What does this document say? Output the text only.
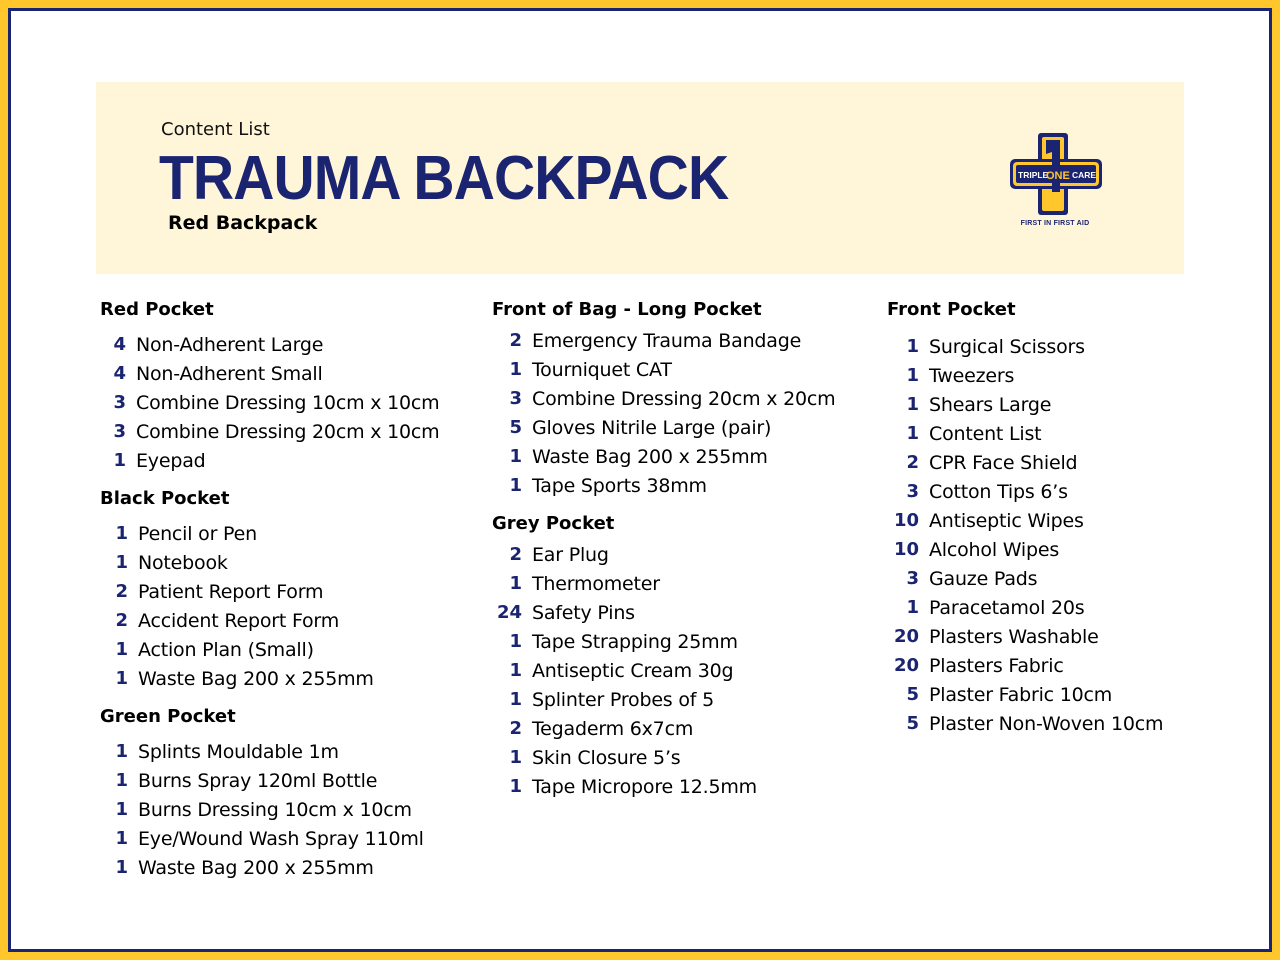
Content List
TRAUMA BACKPACK
Red Backpack
TRIPLE
ONE CARE
FIRST IN FIRST AID
Red Pocket
4 Non-Adherent Large
4 Non-Adherent Small
3 Combine Dressing 10cm x 10cm
3 Combine Dressing 20cm x 10cm
1 Eyepad
Black Pocket
1 Pencil or Pen
1 Notebook
2 Patient Report Form
2 Accident Report Form
1 Action Plan (Small)
1 Waste Bag 200 x 255mm
Green Pocket
1 Splints Mouldable 1m
1 Burns Spray 120ml Bottle
1 Burns Dressing 10cm x 10cm
1 Eye/Wound Wash Spray 110ml
1 Waste Bag 200 x 255mm
Front of Bag - Long Pocket
2 Emergency Trauma Bandage
1 Tourniquet CAT
3 Combine Dressing 20cm x 20cm
5 Gloves Nitrile Large (pair)
1 Waste Bag 200 x 255mm
1 Tape Sports 38mm
Grey Pocket
2 Ear Plug
1 Thermometer
24 Safety Pins
1 Tape Strapping 25mm
1 Antiseptic Cream 30g
1 Splinter Probes of 5
2 Tegaderm 6x7cm
1 Skin Closure 5’s
1 Tape Micropore 12.5mm
Front Pocket
1 Surgical Scissors
1 Tweezers
1 Shears Large
1 Content List
2 CPR Face Shield
3 Cotton Tips 6’s
10 Antiseptic Wipes
10 Alcohol Wipes
3 Gauze Pads
1 Paracetamol 20s
20 Plasters Washable
20 Plasters Fabric
5 Plaster Fabric 10cm
5 Plaster Non-Woven 10cm
